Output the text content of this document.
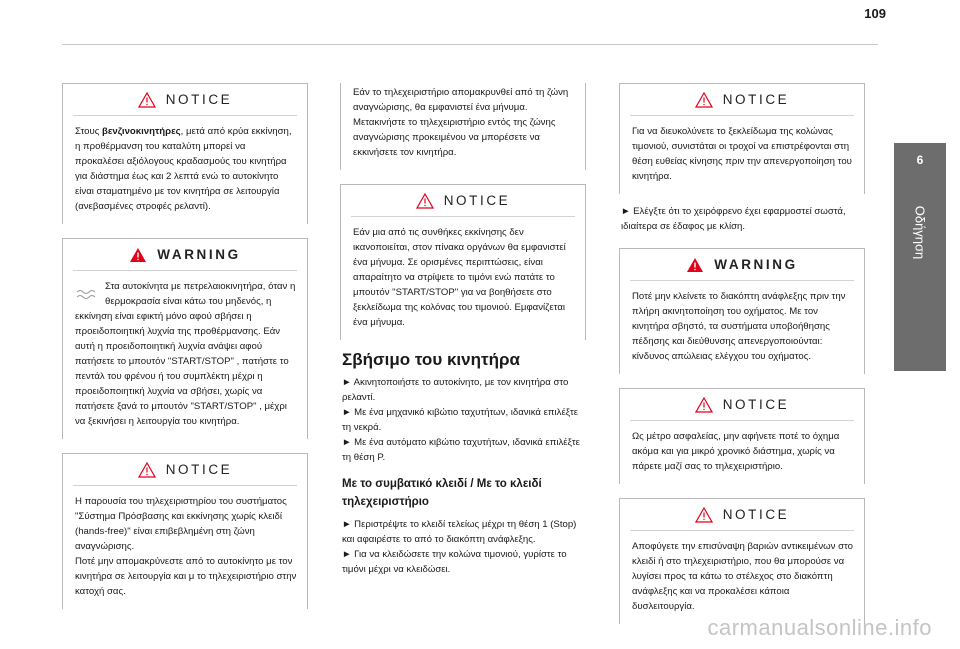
109
6
Οδήγηση
NOTICE

Στους βενζινοκινητήρες, μετά από κρύα εκκίνηση, η προθέρμανση του καταλύτη μπορεί να προκαλέσει αξιόλογους κραδασμούς του κινητήρα για διάστημα έως και 2 λεπτά ενώ το αυτοκίνητο είναι σταματημένο με τον κινητήρα σε λειτουργία (ανεβασμένες στροφές ρελαντί).

WARNING

Στα αυτοκίνητα με πετρελαιοκινητήρα, όταν η θερμοκρασία είναι κάτω του μηδενός, η εκκίνηση είναι εφικτή μόνο αφού σβήσει η προειδοποιητική λυχνία της προθέρμανσης. Εάν αυτή η προειδοποιητική λυχνία ανάψει αφού πατήσετε το μπουτόν "START/STOP" , πατήστε το πεντάλ του φρένου ή του συμπλέκτη μέχρι η προειδοποιητική λυχνία να σβήσει, χωρίς να πατήσετε ξανά το μπουτόν "START/STOP" , μέχρι να ξεκινήσει η λειτουργία του κινητήρα.

NOTICE

Η παρουσία του τηλεχειριστηρίου του συστήματος "Σύστημα Πρόσβασης και εκκίνησης χωρίς κλειδί (hands-free)" είναι επιβεβλημένη στη ζώνη αναγνώρισης.
Ποτέ μην απομακρύνεστε από το αυτοκίνητο με τον κινητήρα σε λειτουργία και μ το τηλεχειριστήριο στην κατοχή σας.

Εάν το τηλεχειριστήριο απομακρυνθεί από τη ζώνη αναγνώρισης, θα εμφανιστεί ένα μήνυμα.
Μετακινήστε το τηλεχειριστήριο εντός της ζώνης αναγνώρισης προκειμένου να μπορέσετε να εκκινήσετε τον κινητήρα.

NOTICE

Εάν μια από τις συνθήκες εκκίνησης δεν ικανοποιείται, στον πίνακα οργάνων θα εμφανιστεί ένα μήνυμα. Σε ορισμένες περιπτώσεις, είναι απαραίτητο να στρίψετε το τιμόνι ενώ πατάτε το μπουτόν "START/STOP" για να βοηθήσετε στο ξεκλείδωμα της κολόνας του τιμονιού. Εμφανίζεται ένα μήνυμα.

Σβήσιμο του κινητήρα

► Ακινητοποιήστε το αυτοκίνητο, με τον κινητήρα στο ρελαντί.
► Με ένα μηχανικό κιβώτιο ταχυτήτων, ιδανικά επιλέξτε τη νεκρά.
► Με ένα αυτόματο κιβώτιο ταχυτήτων, ιδανικά επιλέξτε τη θέση P.

Με το συμβατικό κλειδί / Με το κλειδί τηλεχειριστήριο

► Περιστρέψτε το κλειδί τελείως μέχρι τη θέση 1 (Stop) και αφαιρέστε το από το διακόπτη ανάφλεξης.
► Για να κλειδώσετε την κολώνα τιμονιού, γυρίστε το τιμόνι μέχρι να κλειδώσει.

NOTICE

Για να διευκολύνετε το ξεκλείδωμα της κολώνας τιμονιού, συνιστάται οι τροχοί να επιστρέφονται στη θέση ευθείας κίνησης πριν την απενεργοποίηση του κινητήρα.

► Ελέγξτε ότι το χειρόφρενο έχει εφαρμοστεί σωστά, ιδιαίτερα σε έδαφος με κλίση.

WARNING

Ποτέ μην κλείνετε το διακόπτη ανάφλεξης πριν την πλήρη ακινητοποίηση του οχήματος. Με τον κινητήρα σβηστό, τα συστήματα υποβοήθησης πέδησης και διεύθυνσης απενεργοποιούνται: κίνδυνος απώλειας ελέγχου του οχήματος.

NOTICE

Ως μέτρο ασφαλείας, μην αφήνετε ποτέ το όχημα ακόμα και για μικρό χρονικό διάστημα, χωρίς να πάρετε μαζί σας το τηλεχειριστήριο.

NOTICE

Αποφύγετε την επισύναψη βαριών αντικειμένων στο κλειδί ή στο τηλεχειριστήριο, που θα μπορούσε να λυγίσει προς τα κάτω το στέλεχος στο διακόπτη ανάφλεξης και να προκαλέσει κάποια δυσλειτουργία.

carmanualsonline.info
